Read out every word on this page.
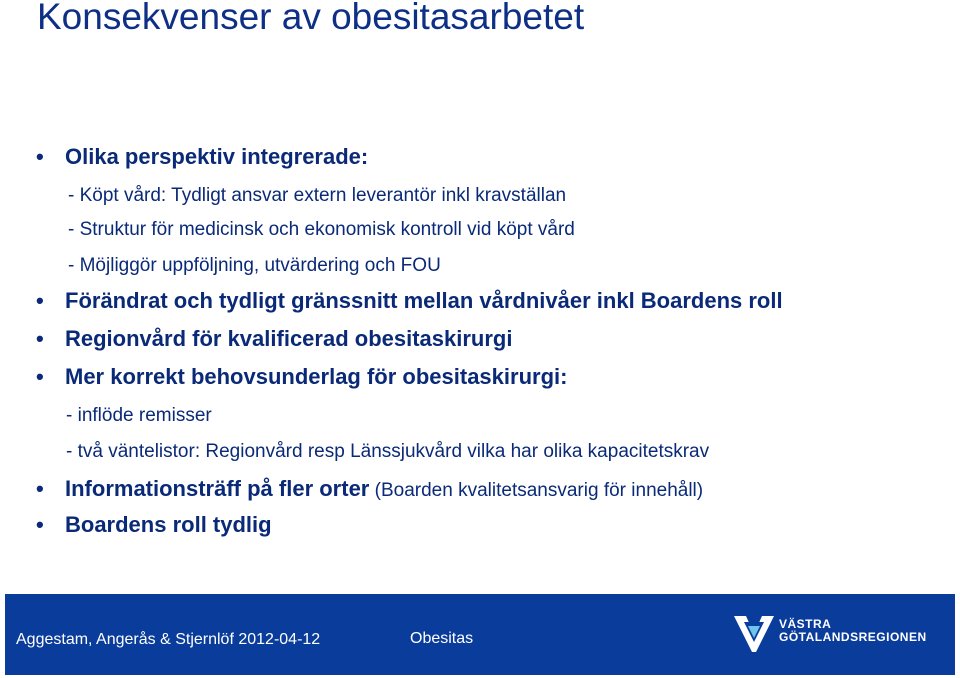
Konsekvenser av obesitasarbetet
• Olika perspektiv integrerade:
- Köpt vård: Tydligt ansvar extern leverantör inkl kravställan
- Struktur för medicinsk och ekonomisk kontroll vid köpt vård
- Möjliggör uppföljning, utvärdering och FOU
• Förändrat och tydligt gränssnitt mellan vårdnivåer inkl Boardens roll
• Regionvård för kvalificerad obesitaskirurgi
• Mer korrekt behovsunderlag för obesitaskirurgi:
- inflöde remisser
- två väntelistor: Regionvård resp Länssjukvård vilka har olika kapacitetskrav
• Informationsträff på fler orter (Boarden kvalitetsansvarig för innehåll)
• Boardens roll tydlig
Aggestam, Angerås & Stjernlöf 2012-04-12	Obesitas
VÄSTRA
GÖTALANDSREGIONEN
